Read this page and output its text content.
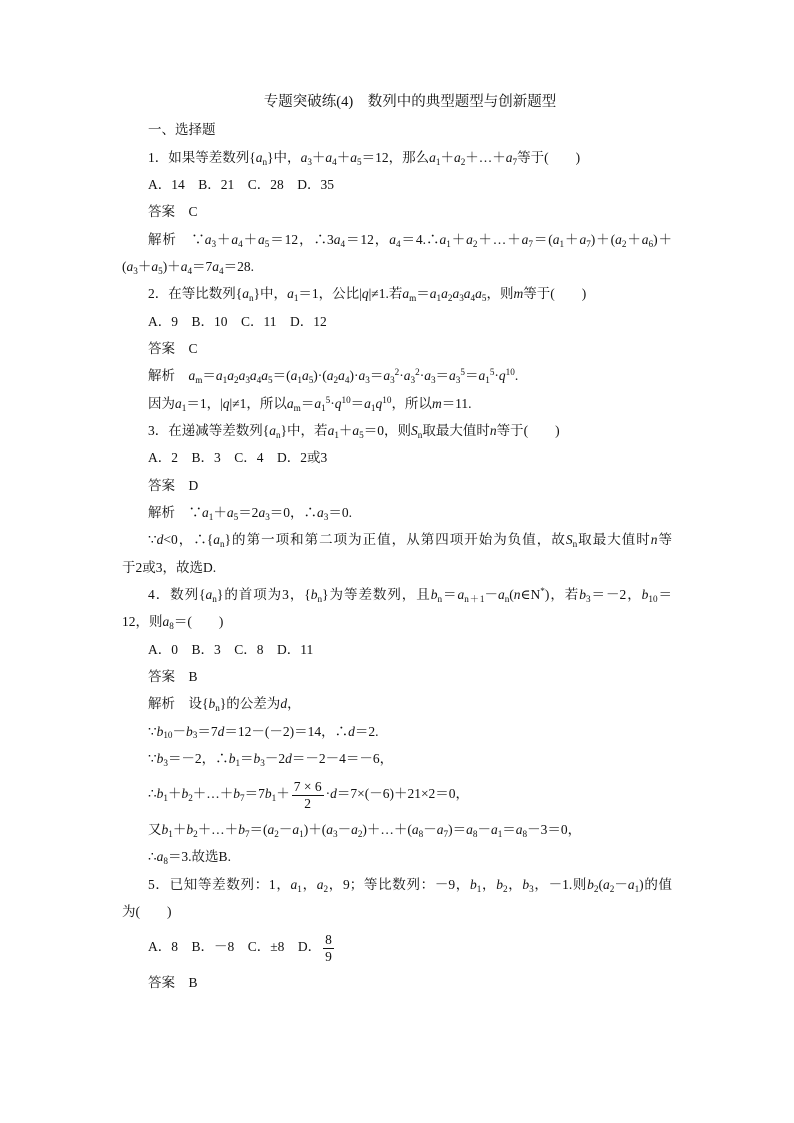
专题突破练(4)　数列中的典型题型与创新题型
一、选择题
1．如果等差数列$\{a_n\}$中，$a_3+a_4+a_5=12$，那么$a_1+a_2+\dots+a_7$等于(　　)
A．14　B．21　C．28　D．35
答案　C
解析　$\because a_3+a_4+a_5=12$，$\therefore 3a_4=12$，$a_4=4.\therefore a_1+a_2+\dots+a_7=(a_1+a_7)+(a_2+a_6)+$
$(a_3+a_5)+a_4=7a_4=28$.
2．在等比数列$\{a_n\}$中，$a_1=1$，公比|q|≠1.若$a_m=a_1a_2a_3a_4a_5$，则m等于(　　)
A．9　B．10　C．11　D．12
答案　C
解析　$a_m=a_1a_2a_3a_4a_5=(a_1a_5)\cdot(a_2a_4)\cdot a_3=a_3^2\cdot a_3^2\cdot a_3=a_3^5=a_1^5\cdot q^{10}$.
因为$a_1=1$，|q|≠1，所以$a_m=a_1^5\cdot q^{10}=a_1q^{10}$，所以m＝11.
3．在递减等差数列$\{a_n\}$中，若$a_1+a_5=0$，则$S_n$取最大值时n等于(　　)
A．2　B．3　C．4　D．2或3
答案　D
解析　$\because a_1+a_5=2a_3=0$，$\therefore a_3=0$.
∵d<0，$\therefore\{a_n\}$的第一项和第二项为正值，从第四项开始为负值，故$S_n$取最大值时n等
于2或3，故选D.
4．数列$\{a_n\}$的首项为3，$\{b_n\}$为等差数列，且$b_n=a_{n+1}-a_n(n\in N^*)$，若$b_3=-2$，$b_{10}=$
12，则$a_8=$(　　)
A．0　B．3　C．8　D．11
答案　B
解析　设$\{b_n\}$的公差为d，
$\because b_{10}-b_3=7d=12-(-2)=14$，∴d＝2.
$\because b_3=-2$，$\therefore b_1=b_3-2d=-2-4=-6$，
$\therefore b_1+b_2+\dots+b_7=7b_1+ \frac{7 \times 6}{2} \cdot d=7\times(-6)+21\times 2=0$，
又$b_1+b_2+\dots+b_7=(a_2-a_1)+(a_3-a_2)+\dots+(a_8-a_7)=a_8-a_1=a_8-3=0$，
$\therefore a_8=3$.故选B.
5．已知等差数列：1，$a_1$，$a_2$，9；等比数列：－9，$b_1$，$b_2$，$b_3$，－1.则$b_2(a_2-a_1)$的值
为(　　)
A．8　B．－8　C．±8　D． $\frac{8}{9}$
答案　B
